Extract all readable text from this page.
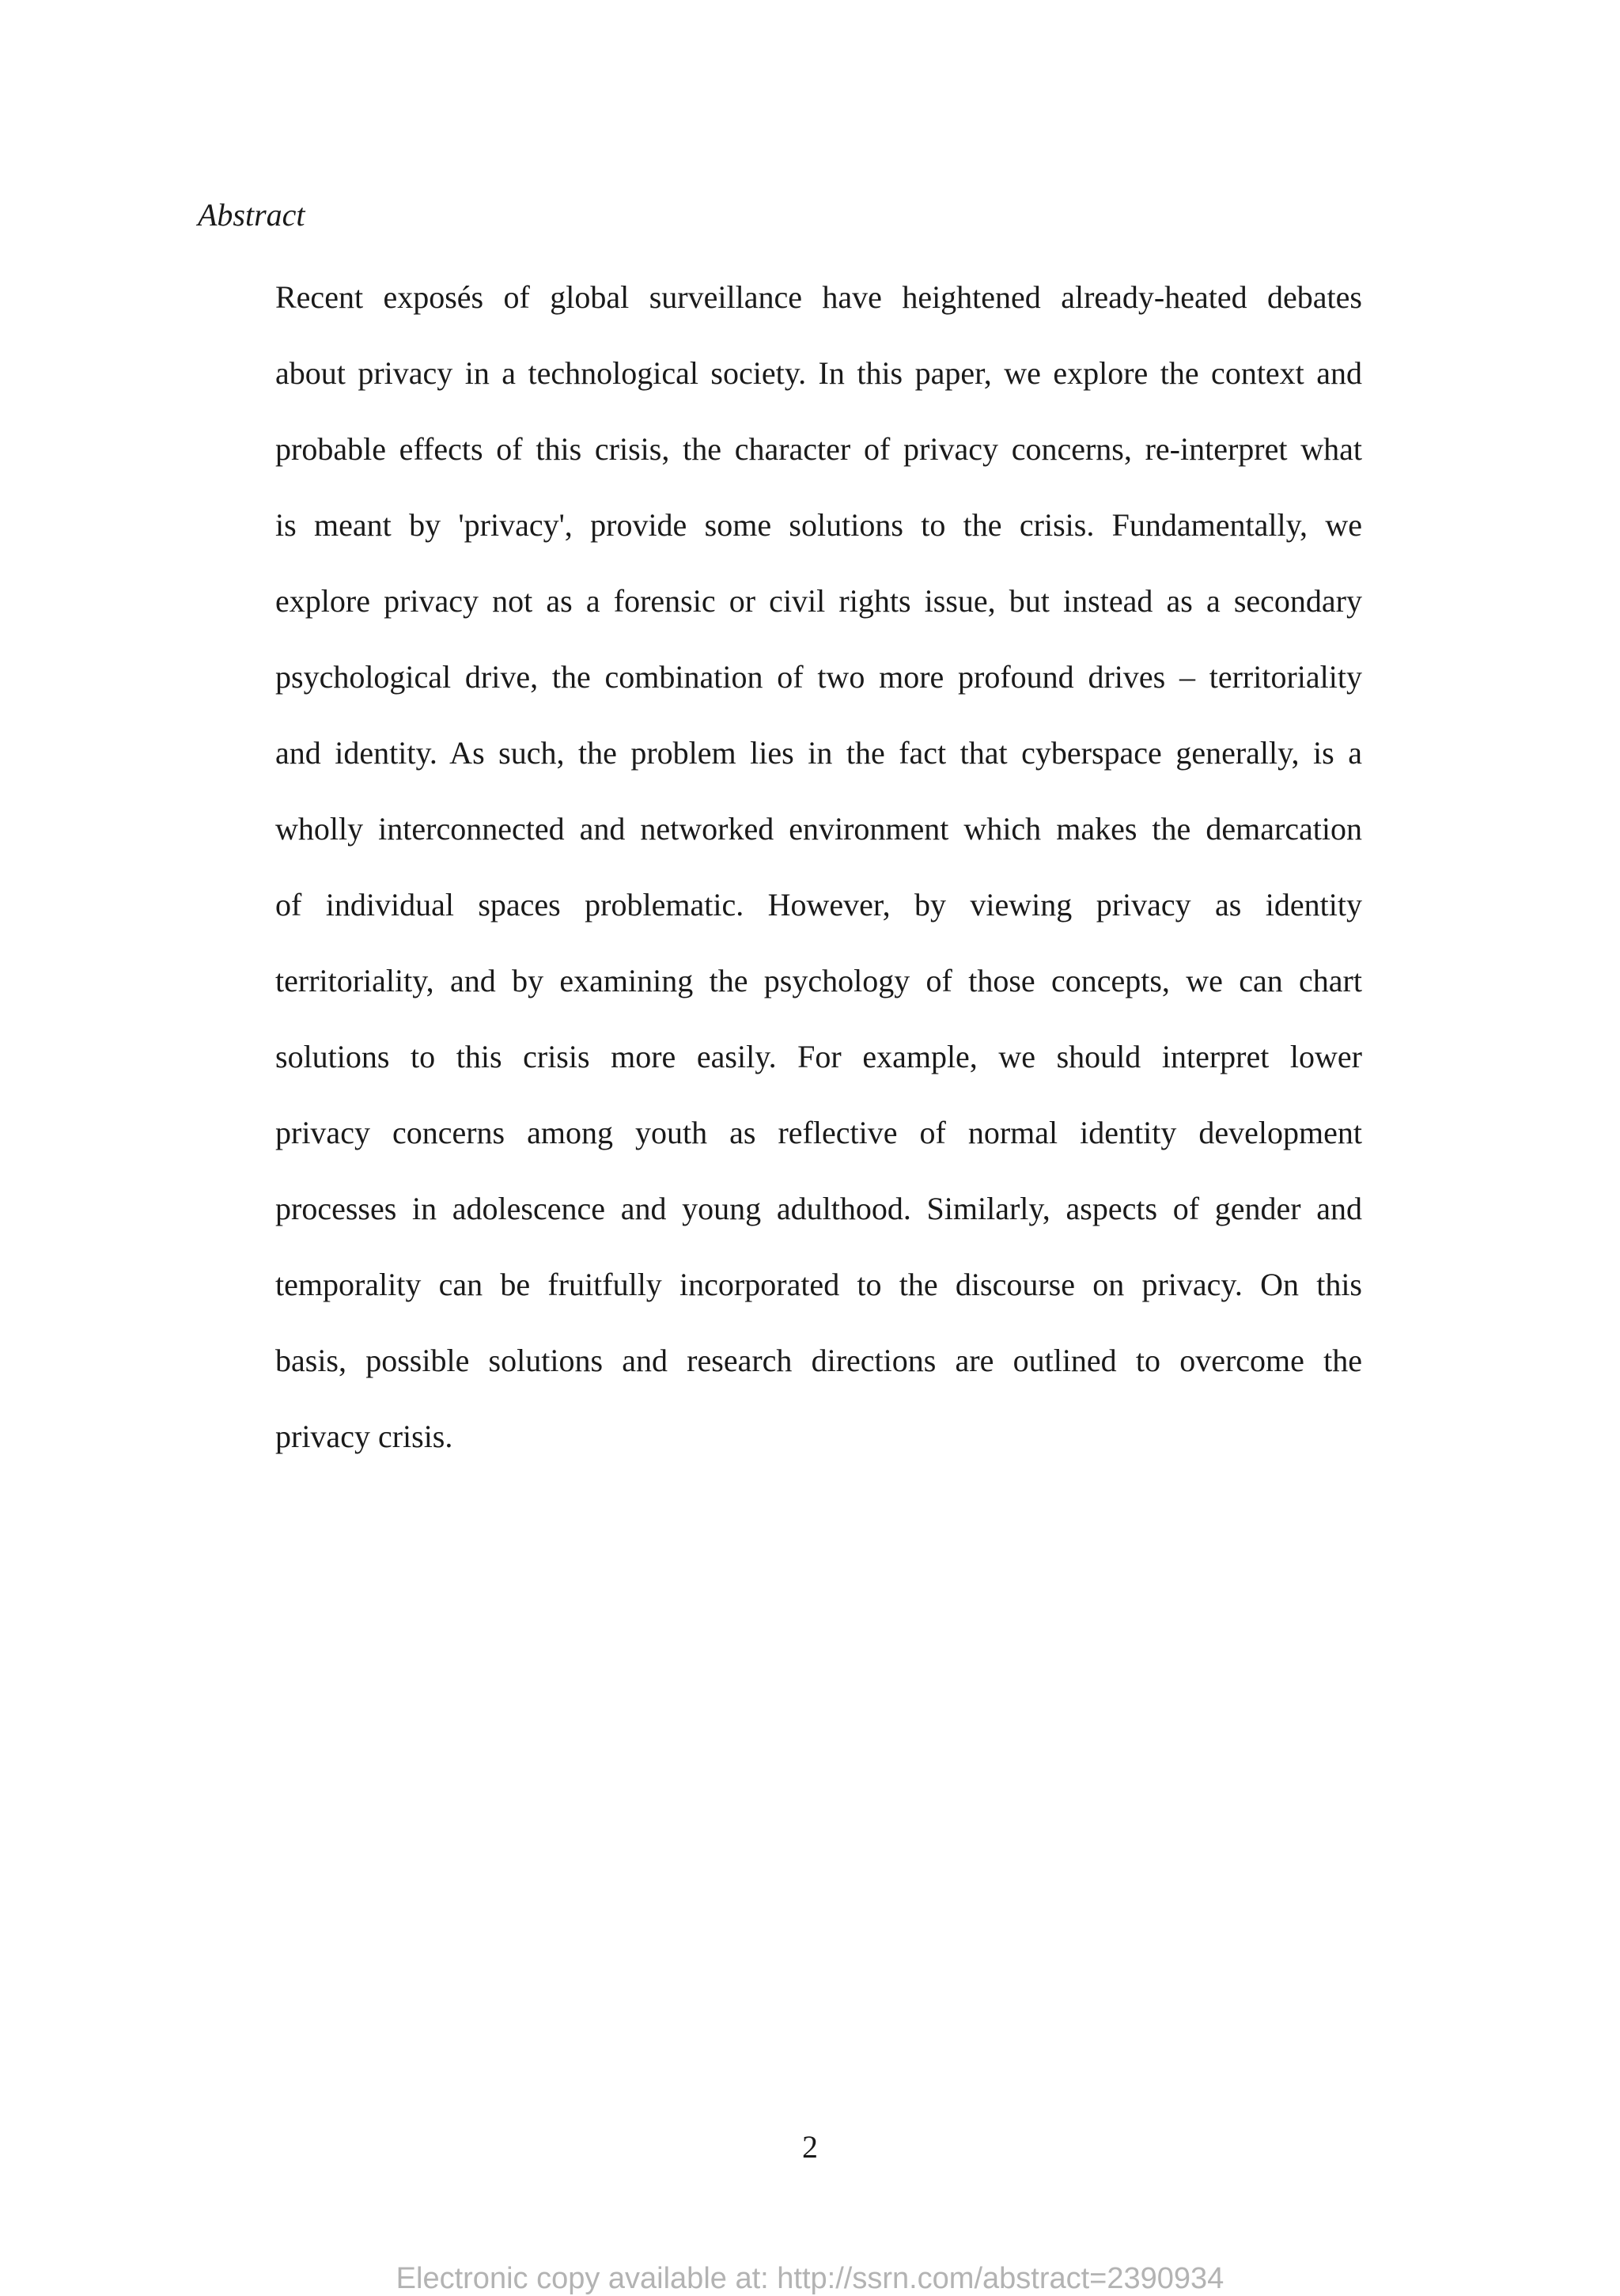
Abstract
Recent exposés of global surveillance have heightened already-heated debates
about privacy in a technological society. In this paper, we explore the context and
probable effects of this crisis, the character of privacy concerns, re-interpret what
is meant by 'privacy', provide some solutions to the crisis. Fundamentally, we
explore privacy not as a forensic or civil rights issue, but instead as a secondary
psychological drive, the combination of two more profound drives – territoriality
and identity. As such, the problem lies in the fact that cyberspace generally, is a
wholly interconnected and networked environment which makes the demarcation
of individual spaces problematic. However, by viewing privacy as identity
territoriality, and by examining the psychology of those concepts, we can chart
solutions to this crisis more easily. For example, we should interpret lower
privacy concerns among youth as reflective of normal identity development
processes in adolescence and young adulthood. Similarly, aspects of gender and
temporality can be fruitfully incorporated to the discourse on privacy. On this
basis, possible solutions and research directions are outlined to overcome the
privacy crisis.
2
Electronic copy available at: http://ssrn.com/abstract=2390934
